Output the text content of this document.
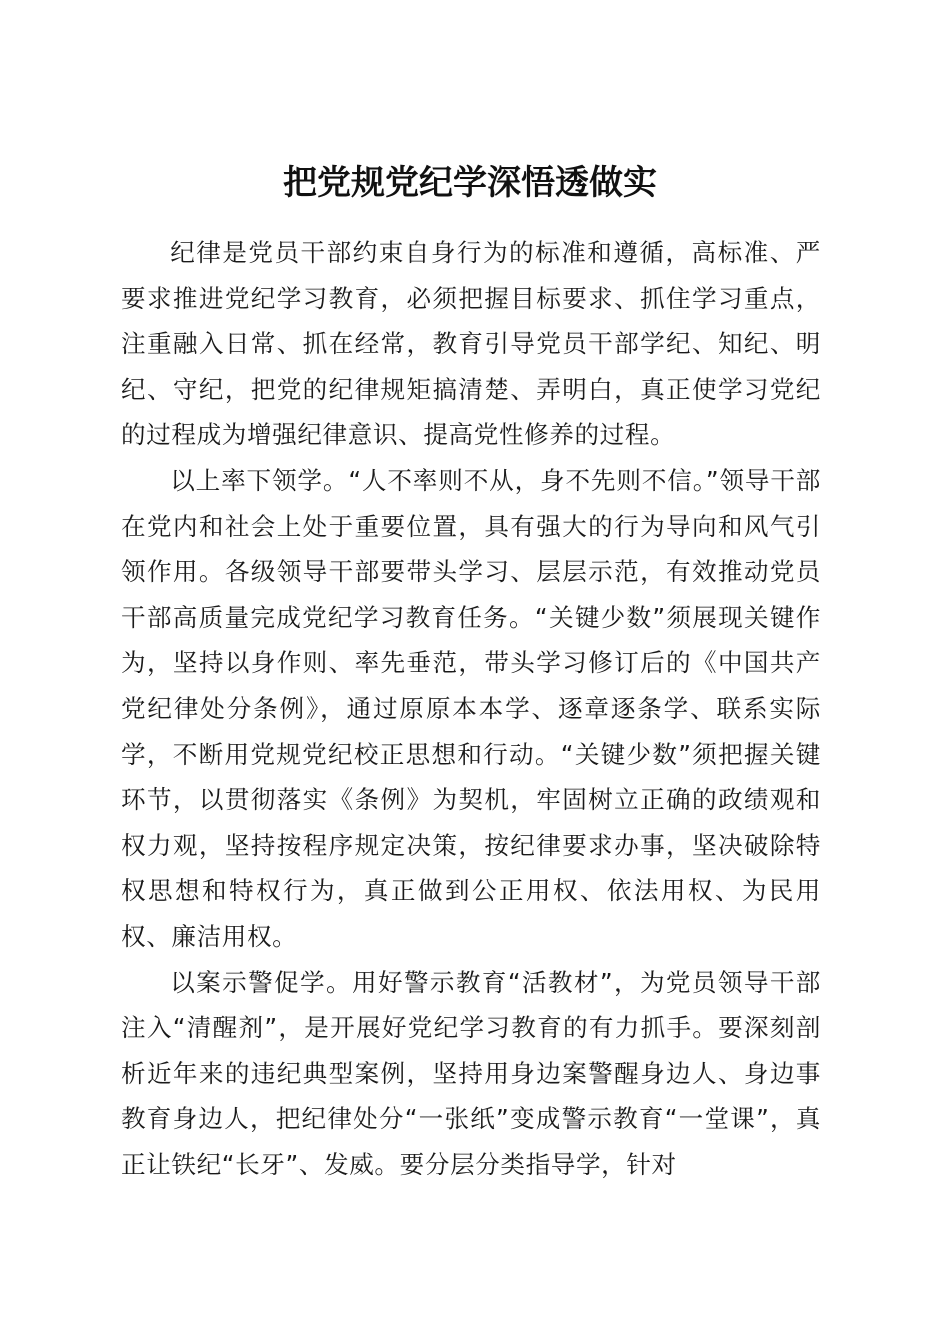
把党规党纪学深悟透做实

纪律是党员干部约束自身行为的标准和遵循，高标准、严要求推进党纪学习教育，必须把握目标要求、抓住学习重点，注重融入日常、抓在经常，教育引导党员干部学纪、知纪、明纪、守纪，把党的纪律规矩搞清楚、弄明白，真正使学习党纪的过程成为增强纪律意识、提高党性修养的过程。

以上率下领学。“人不率则不从，身不先则不信。”领导干部在党内和社会上处于重要位置，具有强大的行为导向和风气引领作用。各级领导干部要带头学习、层层示范，有效推动党员干部高质量完成党纪学习教育任务。“关键少数”须展现关键作为，坚持以身作则、率先垂范，带头学习修订后的《中国共产党纪律处分条例》，通过原原本本学、逐章逐条学、联系实际学，不断用党规党纪校正思想和行动。“关键少数”须把握关键环节，以贯彻落实《条例》为契机，牢固树立正确的政绩观和权力观，坚持按程序规定决策，按纪律要求办事，坚决破除特权思想和特权行为，真正做到公正用权、依法用权、为民用权、廉洁用权。

以案示警促学。用好警示教育“活教材”，为党员领导干部注入“清醒剂”，是开展好党纪学习教育的有力抓手。要深刻剖析近年来的违纪典型案例，坚持用身边案警醒身边人、身边事教育身边人，把纪律处分“一张纸”变成警示教育“一堂课”，真正让铁纪“长牙”、发威。要分层分类指导学，针对
